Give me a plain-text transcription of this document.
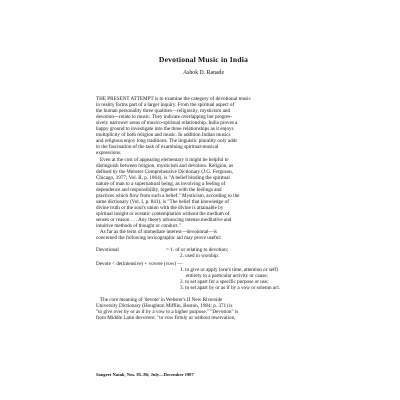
Devotional Music in India
Ashok D. Ranade
THE PRESENT ATTEMPT is to examine the category of devotional music
in reality forms part of a larger inquiry. From the spiritual aspect of
the human personality three qualities—religiosity, mysticism and
devotion—relate to music. They indicate overlapping but progres-
sively narrower areas of musico-spiritual relationship. India proves a
happy ground to investigate into the three relationships as it enjoys
multiplicity of both religion and music. In addition Indian musics
and religious enjoy long traditions. The linguistic plurality only adds
to the fascination of the task of examining spiritual-musical
expressions.
Even at the cost of appearing elementary it might be helpful to
distinguish between religion, mysticism and devotion. Religion, as
defined by the Webster Comprehensive Dictionary (J.G. Ferguson,
Chicago, 1977; Vol. II, p. 1064), is "A belief binding the spiritual
nature of man to a supernatural being, as involving a feeling of
dependence and responsibility, together with the feelings and
practices which flow from such a belief." Mysticism, according to the
same dictionary (Vol. I, p. 841), is "The belief that knowledge of
divine truth or the soul's union with the divine is attainable by
spiritual insight or ecstatic contemplation without the medium of
senses or reason . . . Any theory advancing intense meditative and
intuitive methods of thought or conduct."
As far as the term of immediate interest—devotional—is
concerned the following lexicographic aid may prove useful:
Devotional	= 1. of or relating to devotion;
2. used in worship.
Devote < de(intensive) + vovere (vow) —
1. to give or apply (one's time, attention or self)
entirely to a particular activity or cause;
2. to set apart for a specific purpose or use;
3. to set apart by or as if by a vow or solemn act.
The core meaning of 'devote' in Webster's II New Riverside
University Dictionary (Houghton Mifflin, Boston, 1984; p. 371) is
"to give over by or as if by a vow to a higher purpose." "Devotion" is
from Middle Latin devovere: "to vow firmly or without reservation,
Sangeet Natak, Nos. 85–86; July—December 1987
